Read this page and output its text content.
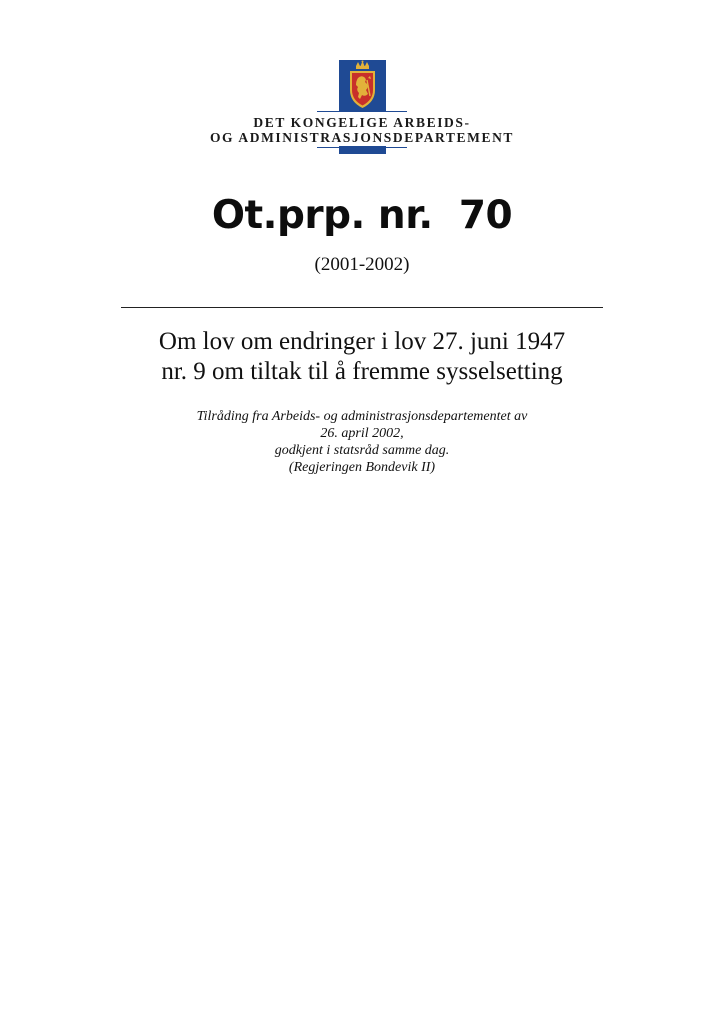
DET KONGELIGE ARBEIDS-
OG ADMINISTRASJONSDEPARTEMENT
Ot.prp. nr.  70
(2001-2002)
Om lov om endringer i lov 27. juni 1947
nr. 9 om tiltak til å fremme sysselsetting
Tilråding fra Arbeids- og administrasjonsdepartementet av
26. april 2002,
godkjent i statsråd samme dag.
(Regjeringen Bondevik II)
